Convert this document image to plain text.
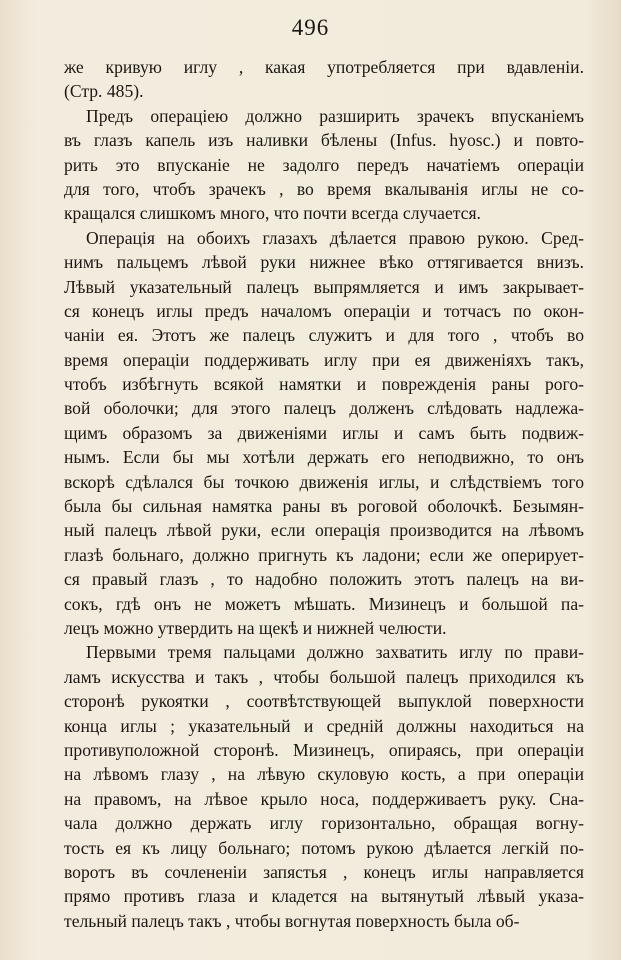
496
же кривую иглу , какая употребляется при вдавленіи.
(Стр. 485).
Предъ операціею должно разширить зрачекъ впусканіемъ
въ глазъ капель изъ наливки бѣлены (Infus. hyosc.) и повто-
рить это впусканіе не задолго передъ начатіемъ операціи
для того, чтобъ зрачекъ , во время вкалыванія иглы не со-
кращался слишкомъ много, что почти всегда случается.
Операція на обоихъ глазахъ дѣлается правою рукою. Сред-
нимъ пальцемъ лѣвой руки нижнее вѣко оттягивается внизъ.
Лѣвый указательный палецъ выпрямляется и имъ закрывает-
ся конецъ иглы предъ началомъ операціи и тотчасъ по окон-
чаніи ея. Этотъ же палецъ служитъ и для того , чтобъ во
время операціи поддерживать иглу при ея движеніяхъ такъ,
чтобъ избѣгнуть всякой намятки и поврежденія раны рого-
вой оболочки; для этого палецъ долженъ слѣдовать надлежа-
щимъ образомъ за движеніями иглы и самъ быть подвиж-
нымъ. Если бы мы хотѣли держать его неподвижно, то онъ
вскорѣ сдѣлался бы точкою движенія иглы, и слѣдствіемъ того
была бы сильная намятка раны въ роговой оболочкѣ. Безымян-
ный палецъ лѣвой руки, если операція производится на лѣвомъ
глазѣ больнаго, должно пригнуть къ ладони; если же оперирует-
ся правый глазъ , то надобно положить этотъ палецъ на ви-
сокъ, гдѣ онъ не можетъ мѣшать. Мизинецъ и большой па-
лецъ можно утвердить на щекѣ и нижней челюсти.
Первыми тремя пальцами должно захватить иглу по прави-
ламъ искусства и такъ , чтобы большой палецъ приходился къ
сторонѣ рукоятки , соотвѣтствующей выпуклой поверхности
конца иглы ; указательный и средній должны находиться на
противуположной сторонѣ. Мизинецъ, опираясь, при операціи
на лѣвомъ глазу , на лѣвую скуловую кость, а при операціи
на правомъ, на лѣвое крыло носа, поддерживаетъ руку. Сна-
чала должно держать иглу горизонтально, обращая вогну-
тость ея къ лицу больнаго; потомъ рукою дѣлается легкій по-
воротъ въ сочлененіи запястья , конецъ иглы направляется
прямо противъ глаза и кладется на вытянутый лѣвый указа-
тельный палецъ такъ , чтобы вогнутая поверхность была об-
